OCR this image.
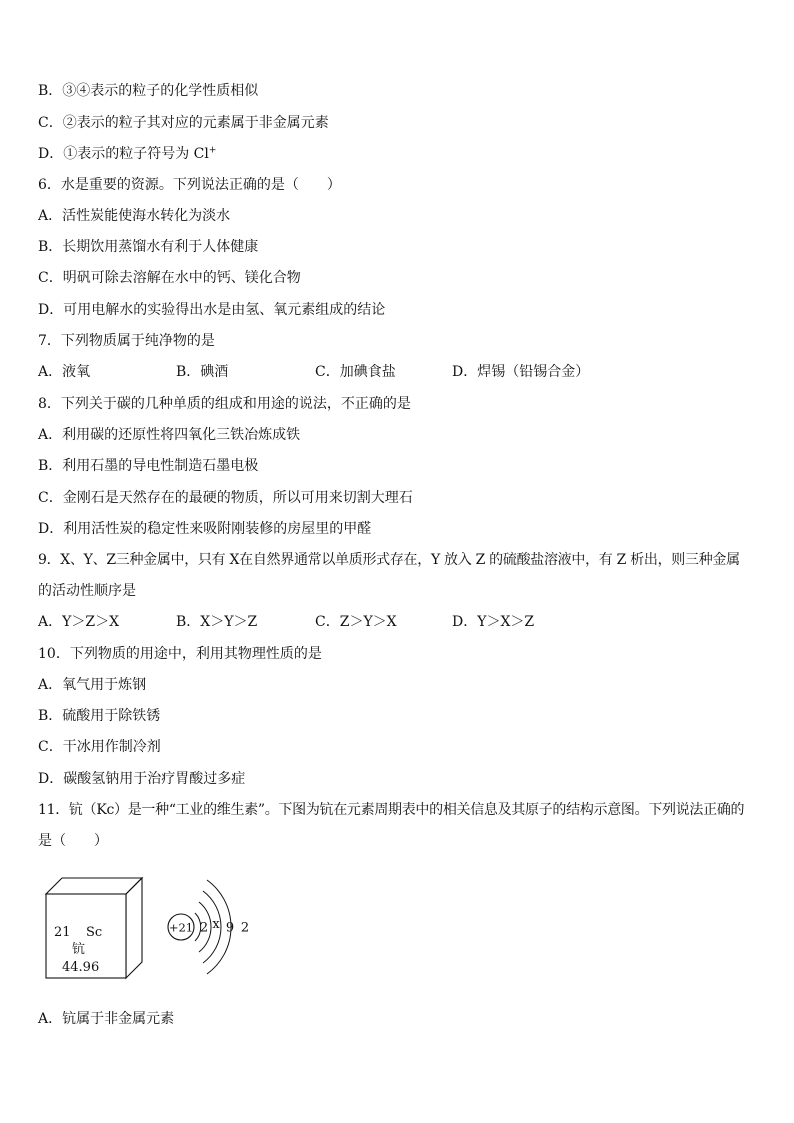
B．③④表示的粒子的化学性质相似
C．②表示的粒子其对应的元素属于非金属元素
D．①表示的粒子符号为 Cl+
6．水是重要的资源。下列说法正确的是（　　）
A．活性炭能使海水转化为淡水
B．长期饮用蒸馏水有利于人体健康
C．明矾可除去溶解在水中的钙、镁化合物
D．可用电解水的实验得出水是由氢、氧元素组成的结论
7．下列物质属于纯净物的是
A．液氧	B．碘酒	C．加碘食盐	D．焊锡（铅锡合金）
8．下列关于碳的几种单质的组成和用途的说法，不正确的是
A．利用碳的还原性将四氧化三铁冶炼成铁
B．利用石墨的导电性制造石墨电极
C．金刚石是天然存在的最硬的物质，所以可用来切割大理石
D．利用活性炭的稳定性来吸附刚装修的房屋里的甲醛
9．X、Y、Z三种金属中，只有 X在自然界通常以单质形式存在，Y 放入 Z 的硫酸盐溶液中，有 Z 析出，则三种金属
的活动性顺序是
A．Y＞Z＞X	B．X＞Y＞Z	C．Z＞Y＞X	D．Y＞X＞Z
10．下列物质的用途中，利用其物理性质的是
A．氧气用于炼钢
B．硫酸用于除铁锈
C．干冰用作制冷剂
D．碳酸氢钠用于治疗胃酸过多症
11．钪（Kc）是一种“工业的维生素”。下图为钪在元素周期表中的相关信息及其原子的结构示意图。下列说法正确的
是（　　）
21 Sc
钪
44.96
+21 2 x 9 2
A．钪属于非金属元素
